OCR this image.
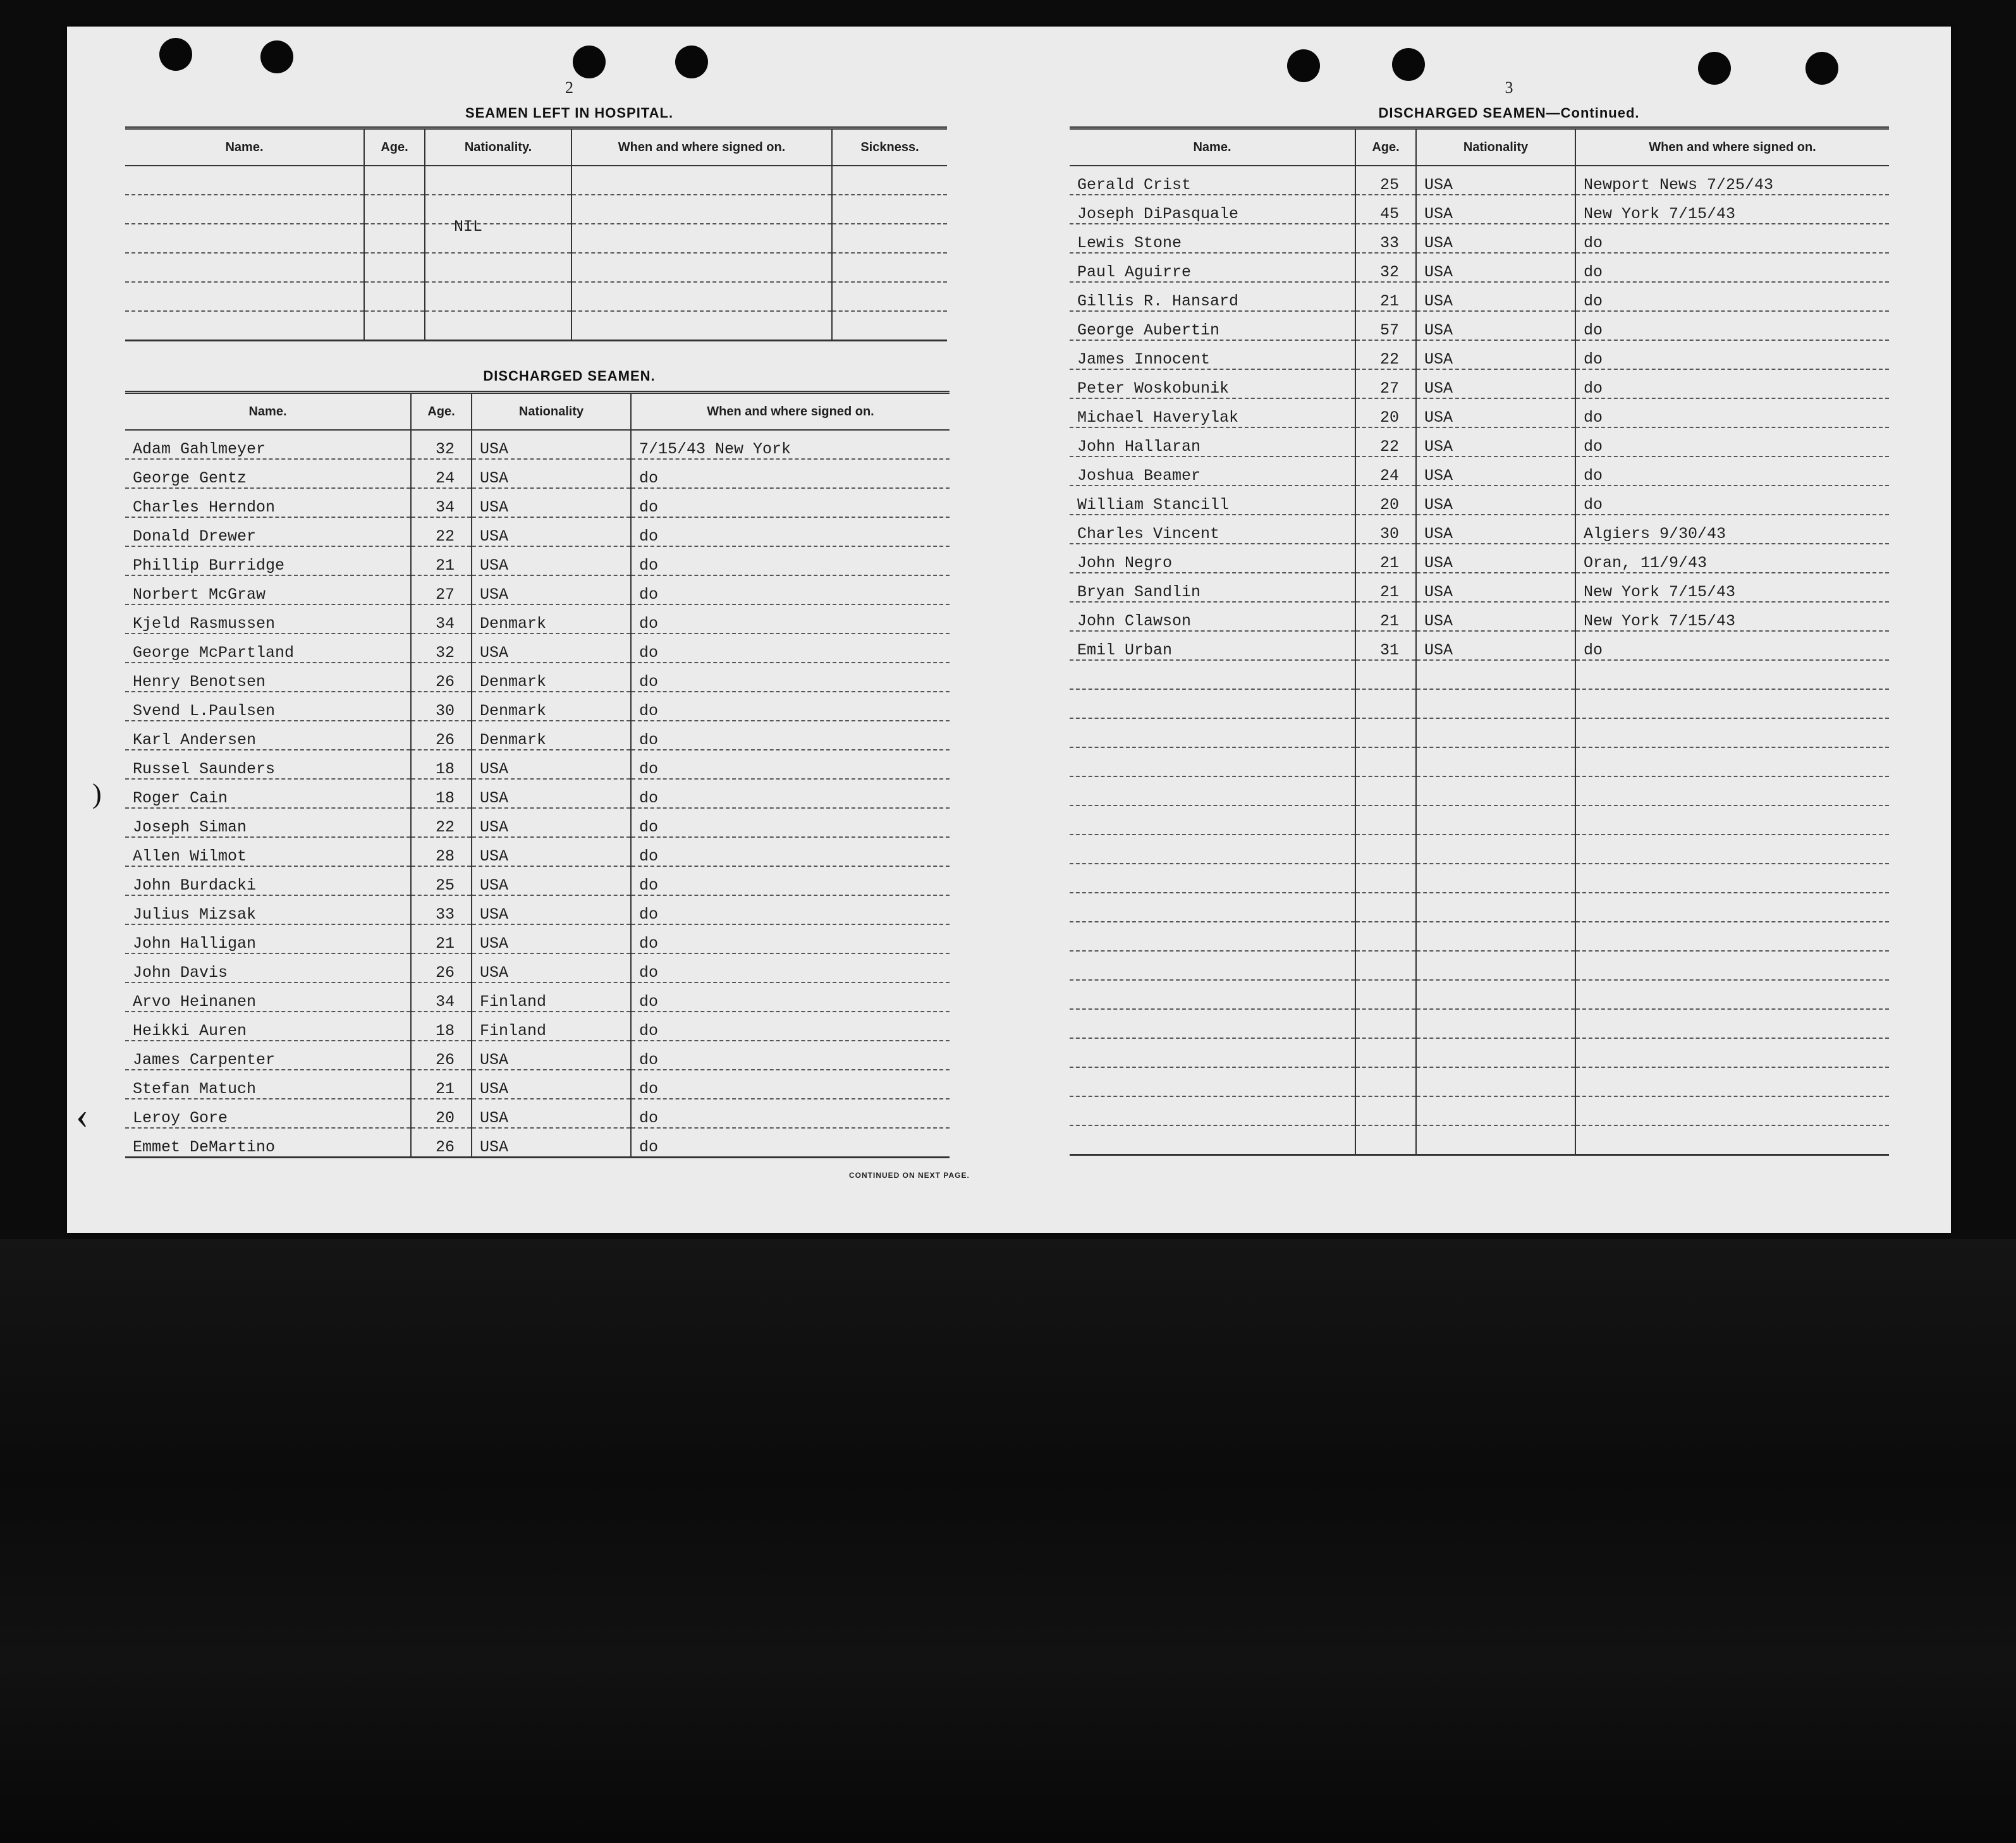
2
SEAMEN LEFT IN HOSPITAL.
Name.	Age.	Nationality.	When and where signed on.	Sickness.

NIL
DISCHARGED SEAMEN.
Name.	Age.	Nationality	When and where signed on.
Adam Gahlmeyer	32	USA	7/15/43 New York
George Gentz	24	USA	do
Charles Herndon	34	USA	do
Donald Drewer	22	USA	do
Phillip Burridge	21	USA	do
Norbert McGraw	27	USA	do
Kjeld Rasmussen	34	Denmark	do
George McPartland	32	USA	do
Henry Benotsen	26	Denmark	do
Svend L.Paulsen	30	Denmark	do
Karl Andersen	26	Denmark	do
Russel Saunders	18	USA	do
Roger Cain	18	USA	do
Joseph Siman	22	USA	do
Allen Wilmot	28	USA	do
John Burdacki	25	USA	do
Julius Mizsak	33	USA	do
John Halligan	21	USA	do
John Davis	26	USA	do
Arvo Heinanen	34	Finland	do
Heikki Auren	18	Finland	do
James Carpenter	26	USA	do
Stefan Matuch	21	USA	do
Leroy Gore	20	USA	do
Emmet DeMartino	26	USA	do
CONTINUED ON NEXT PAGE.
3
DISCHARGED SEAMEN—Continued.
Name.	Age.	Nationality	When and where signed on.
Gerald Crist	25	USA	Newport News 7/25/43
Joseph DiPasquale	45	USA	New York 7/15/43
Lewis Stone	33	USA	do
Paul Aguirre	32	USA	do
Gillis R. Hansard	21	USA	do
George Aubertin	57	USA	do
James Innocent	22	USA	do
Peter Woskobunik	27	USA	do
Michael Haverylak	20	USA	do
John Hallaran	22	USA	do
Joshua Beamer	24	USA	do
William Stancill	20	USA	do
Charles Vincent	30	USA	Algiers 9/30/43
John Negro	21	USA	Oran, 11/9/43
Bryan Sandlin	21	USA	New York 7/15/43
John Clawson	21	USA	New York 7/15/43
Emil Urban	31	USA	do

‹
)
